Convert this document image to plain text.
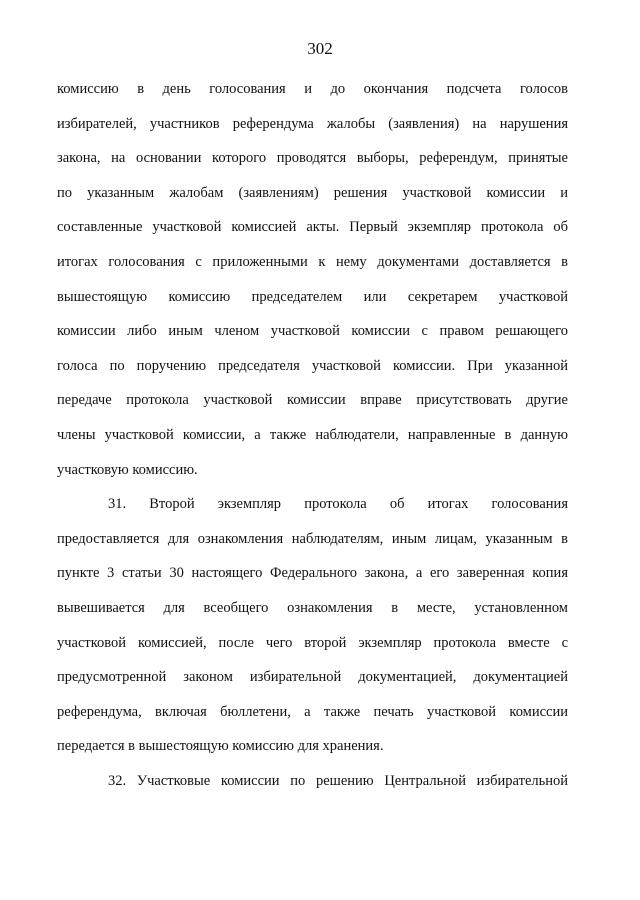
302
комиссию в день голосования и до окончания подсчета голосов
избирателей, участников референдума жалобы (заявления) на нарушения
закона, на основании которого проводятся выборы, референдум, принятые
по указанным жалобам (заявлениям) решения участковой комиссии и
составленные участковой комиссией акты. Первый экземпляр протокола об
итогах голосования с приложенными к нему документами доставляется в
вышестоящую комиссию председателем или секретарем участковой
комиссии либо иным членом участковой комиссии с правом решающего
голоса по поручению председателя участковой комиссии. При указанной
передаче протокола участковой комиссии вправе присутствовать другие
члены участковой комиссии, а также наблюдатели, направленные в данную
участковую комиссию.
31. Второй экземпляр протокола об итогах голосования
предоставляется для ознакомления наблюдателям, иным лицам, указанным в
пункте 3 статьи 30 настоящего Федерального закона, а его заверенная копия
вывешивается для всеобщего ознакомления в месте, установленном
участковой комиссией, после чего второй экземпляр протокола вместе с
предусмотренной законом избирательной документацией, документацией
референдума, включая бюллетени, а также печать участковой комиссии
передается в вышестоящую комиссию для хранения.
32. Участковые комиссии по решению Центральной избирательной
